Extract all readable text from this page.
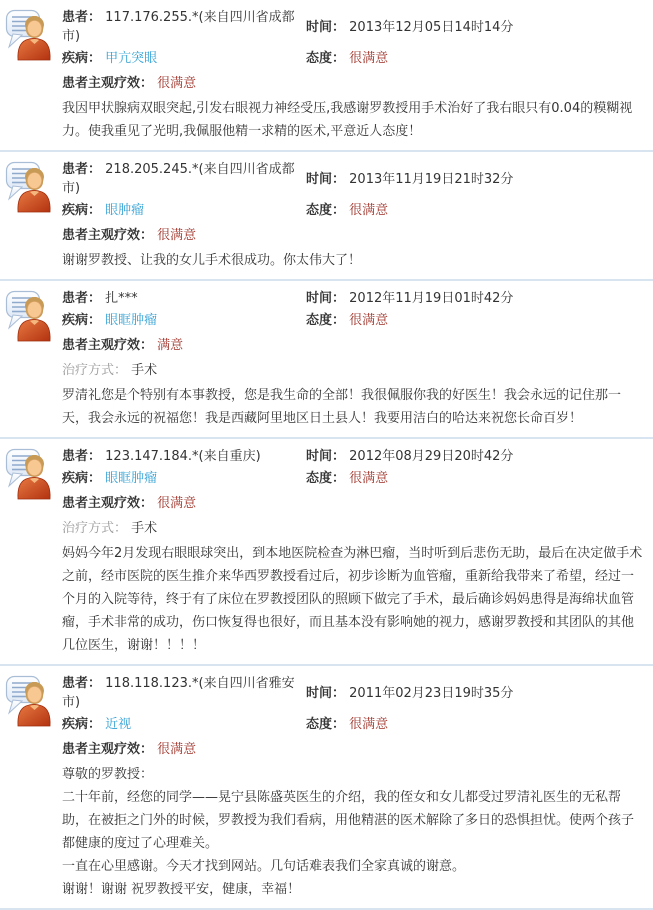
患者： 117.176.255.*(来自四川省成都市)
时间： 2013年12月05日14时14分
疾病： 甲亢突眼	态度： 很满意
患者主观疗效： 很满意

我因甲状腺病双眼突起,引发右眼视力神经受压,我感谢罗教授用手术治好了我右眼只有0.04的糢糊视力。使我重见了光明,我佩服他精一求精的医术,平意近人态度！

患者： 218.205.245.*(来自四川省成都市)
时间： 2013年11月19日21时32分
疾病： 眼肿瘤	态度： 很满意
患者主观疗效： 很满意

谢谢罗教授、让我的女儿手术很成功。你太伟大了！

患者： 扎***	时间： 2012年11月19日01时42分
疾病： 眼眶肿瘤	态度： 很满意
患者主观疗效： 满意
治疗方式： 手术

罗清礼您是个特别有本事教授，您是我生命的全部！我很佩服你我的好医生！我会永远的记住那一天，我会永远的祝福您！我是西藏阿里地区日土县人！我要用洁白的哈达来祝您长命百岁！

患者： 123.147.184.*(来自重庆)	时间： 2012年08月29日20时42分
疾病： 眼眶肿瘤	态度： 很满意
患者主观疗效： 很满意
治疗方式： 手术

妈妈今年2月发现右眼眼球突出，到本地医院检查为淋巴瘤，当时听到后悲伤无助，最后在决定做手术之前，经市医院的医生推介来华西罗教授看过后，初步诊断为血管瘤，重新给我带来了希望，经过一个月的入院等待，终于有了床位在罗教授团队的照顾下做完了手术，最后确诊妈妈患得是海绵状血管瘤，手术非常的成功，伤口恢复得也很好，而且基本没有影响她的视力，感谢罗教授和其团队的其他几位医生，谢谢！！！！

患者： 118.118.123.*(来自四川省雅安市)
时间： 2011年02月23日19时35分
疾病： 近视	态度： 很满意
患者主观疗效： 很满意

尊敬的罗教授：

二十年前，经您的同学——晃宁县陈盛英医生的介绍，我的侄女和女儿都受过罗清礼医生的无私帮助，在被拒之门外的时候，罗教授为我们看病，用他精湛的医术解除了多日的恐惧担忧。使两个孩子都健康的度过了心理难关。

一直在心里感谢。今天才找到网站。几句话难表我们全家真诚的谢意。

谢谢！谢谢 祝罗教授平安，健康，幸福！
